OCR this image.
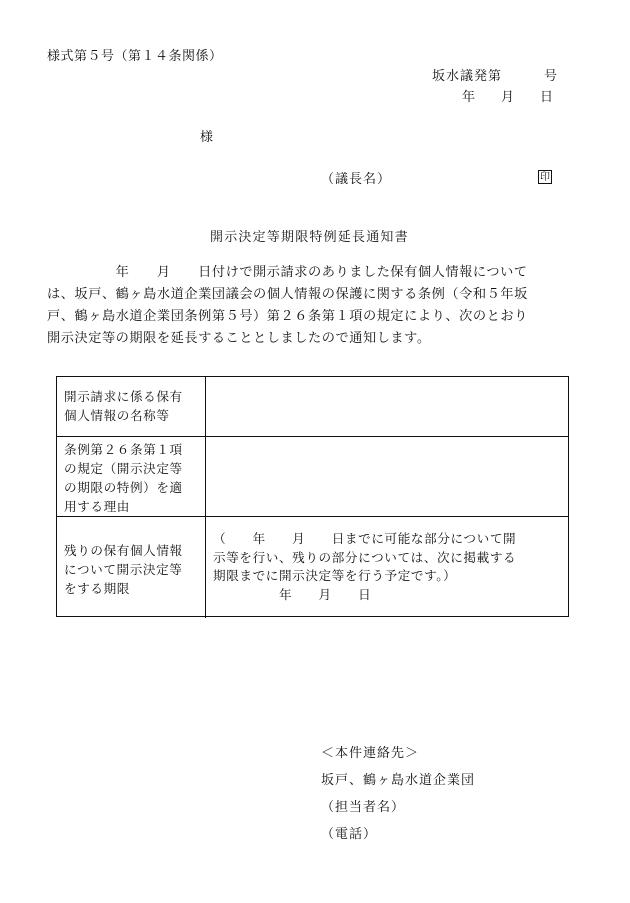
様式第５号（第１４条関係）
坂水議発第　　　号
年　　月　　日
様
（議長名）	印
開示決定等期限特例延長通知書
　　　　　年　　月　　日付けで開示請求のありました保有個人情報について
は、坂戸、鶴ヶ島水道企業団議会の個人情報の保護に関する条例（令和５年坂
戸、鶴ヶ島水道企業団条例第５号）第２６条第１項の規定により、次のとおり
開示決定等の期限を延長することとしましたので通知します。
開示請求に係る保有
個人情報の名称等
条例第２６条第１項
の規定（開示決定等
の期限の特例）を適
用する理由
残りの保有個人情報
について開示決定等
をする期限
（　　年　　月　　日までに可能な部分について開
示等を行い、残りの部分については、次に掲載する
期限までに開示決定等を行う予定です。）
　　　　　年　　月　　日
＜本件連絡先＞
坂戸、鶴ヶ島水道企業団
（担当者名）
（電話）
